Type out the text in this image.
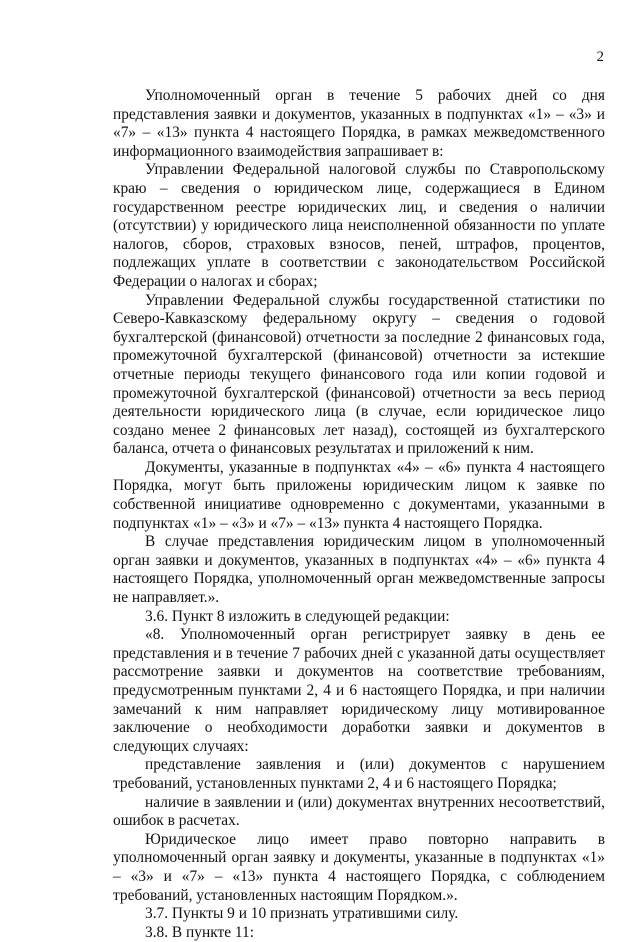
2

Уполномоченный орган в течение 5 рабочих дней со дня представления заявки и документов, указанных в подпунктах «1» – «3» и «7» – «13» пункта 4 настоящего Порядка, в рамках межведомственного информационного взаимодействия запрашивает в:

Управлении Федеральной налоговой службы по Ставропольскому краю – сведения о юридическом лице, содержащиеся в Едином государственном реестре юридических лиц, и сведения о наличии (отсутствии) у юридического лица неисполненной обязанности по уплате налогов, сборов, страховых взносов, пеней, штрафов, процентов, подлежащих уплате в соответствии с законодательством Российской Федерации о налогах и сборах;

Управлении Федеральной службы государственной статистики по Северо-Кавказскому федеральному округу – сведения о годовой бухгалтерской (финансовой) отчетности за последние 2 финансовых года, промежуточной бухгалтерской (финансовой) отчетности за истекшие отчетные периоды текущего финансового года или копии годовой и промежуточной бухгалтерской (финансовой) отчетности за весь период деятельности юридического лица (в случае, если юридическое лицо создано менее 2 финансовых лет назад), состоящей из бухгалтерского баланса, отчета о финансовых результатах и приложений к ним.

Документы, указанные в подпунктах «4» – «6» пункта 4 настоящего Порядка, могут быть приложены юридическим лицом к заявке по собственной инициативе одновременно с документами, указанными в подпунктах «1» – «3» и «7» – «13» пункта 4 настоящего Порядка.

В случае представления юридическим лицом в уполномоченный орган заявки и документов, указанных в подпунктах «4» – «6» пункта 4 настоящего Порядка, уполномоченный орган межведомственные запросы не направляет.».

3.6. Пункт 8 изложить в следующей редакции:

«8. Уполномоченный орган регистрирует заявку в день ее представления и в течение 7 рабочих дней с указанной даты осуществляет рассмотрение заявки и документов на соответствие требованиям, предусмотренным пунктами 2, 4 и 6 настоящего Порядка, и при наличии замечаний к ним направляет юридическому лицу мотивированное заключение о необходимости доработки заявки и документов в следующих случаях:

представление заявления и (или) документов с нарушением требований, установленных пунктами 2, 4 и 6 настоящего Порядка;

наличие в заявлении и (или) документах внутренних несоответствий, ошибок в расчетах.

Юридическое лицо имеет право повторно направить в уполномоченный орган заявку и документы, указанные в подпунктах «1» – «3» и «7» – «13» пункта 4 настоящего Порядка, с соблюдением требований, установленных настоящим Порядком.».

3.7. Пункты 9 и 10 признать утратившими силу.

3.8. В пункте 11:
